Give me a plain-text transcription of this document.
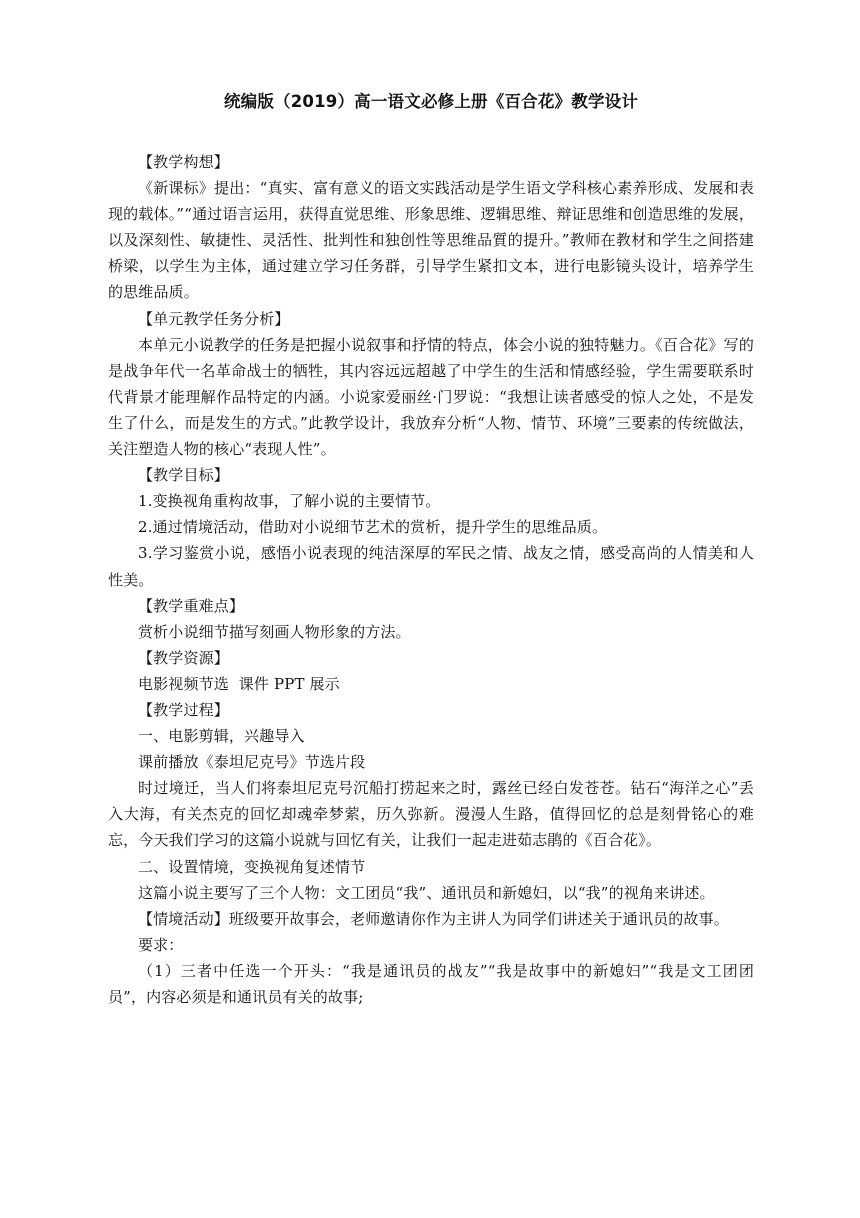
统编版（2019）高一语文必修上册《百合花》教学设计

【教学构想】

《新课标》提出：“真实、富有意义的语文实践活动是学生语文学科核心素养形成、发展和表现的载体。”“通过语言运用，获得直觉思维、形象思维、逻辑思维、辩证思维和创造思维的发展，以及深刻性、敏捷性、灵活性、批判性和独创性等思维品質的提升。”教师在教材和学生之间搭建桥梁，以学生为主体，通过建立学习任务群，引导学生紧扣文本，进行电影镜头设计，培养学生的思维品质。

【单元教学任务分析】

本单元小说教学的任务是把握小说叙事和抒情的特点，体会小说的独特魅力。《百合花》写的是战争年代一名革命战士的牺牲，其内容远远超越了中学生的生活和情感经验，学生需要联系时代背景才能理解作品特定的内涵。小说家爱丽丝·门罗说：“我想让读者感受的惊人之处，不是发生了什么，而是发生的方式。”此教学设计，我放弃分析“人物、情节、环境”三要素的传统做法，关注塑造人物的核心“表现人性”。

【教学目标】

1.变换视角重构故事，了解小说的主要情节。

2.通过情境活动，借助对小说细节艺术的赏析，提升学生的思维品质。

3.学习鉴赏小说，感悟小说表现的纯洁深厚的军民之情、战友之情，感受高尚的人情美和人性美。

【教学重难点】

赏析小说细节描写刻画人物形象的方法。

【教学资源】

电影视频节选  课件 PPT 展示

【教学过程】

一、电影剪辑，兴趣导入

课前播放《泰坦尼克号》节选片段

时过境迁，当人们将泰坦尼克号沉船打捞起来之时，露丝已经白发苍苍。钻石“海洋之心”丢入大海，有关杰克的回忆却魂牵梦萦，历久弥新。漫漫人生路，值得回忆的总是刻骨铭心的难忘，今天我们学习的这篇小说就与回忆有关，让我们一起走进茹志鹃的《百合花》。

二、设置情境，变换视角复述情节

这篇小说主要写了三个人物：文工团员“我”、通讯员和新媳妇，以“我”的视角来讲述。

【情境活动】班级要开故事会，老师邀请你作为主讲人为同学们讲述关于通讯员的故事。

要求：

（1）三者中任选一个开头：“我是通讯员的战友”“我是故事中的新媳妇”“我是文工团团员”，内容必须是和通讯员有关的故事;
